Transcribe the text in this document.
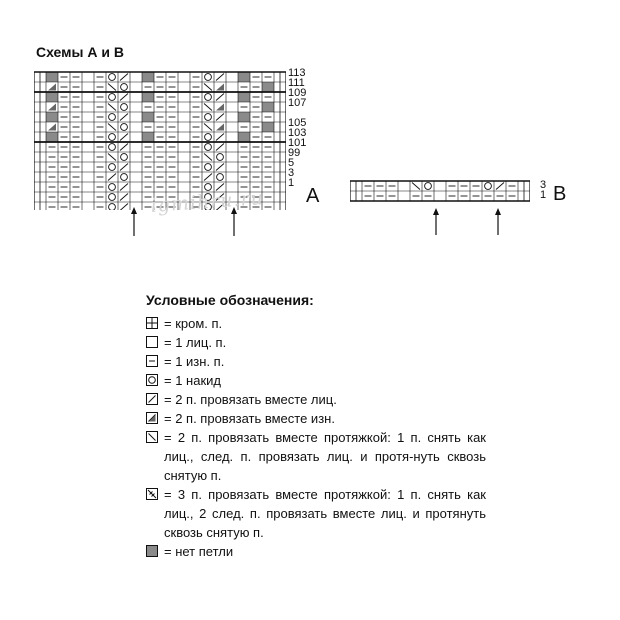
Схемы А и В
113
111
109
107
105
103
101
99
5
3
1
A
igmihru.ru
3
1 B
Условные обозначения:
= кром. п.
= 1 лиц. п.
= 1 изн. п.
= 1 накид
= 2 п. провязать вместе лиц.
= 2 п. провязать вместе изн.
= 2 п. провязать вместе протяжкой: 1 п. снять как лиц., след. п. провязать лиц. и протя-нуть сквозь снятую п.
= 3 п. провязать вместе протяжкой: 1 п. снять как лиц., 2 след. п. провязать вместе лиц. и протянуть сквозь снятую п.
= нет петли
